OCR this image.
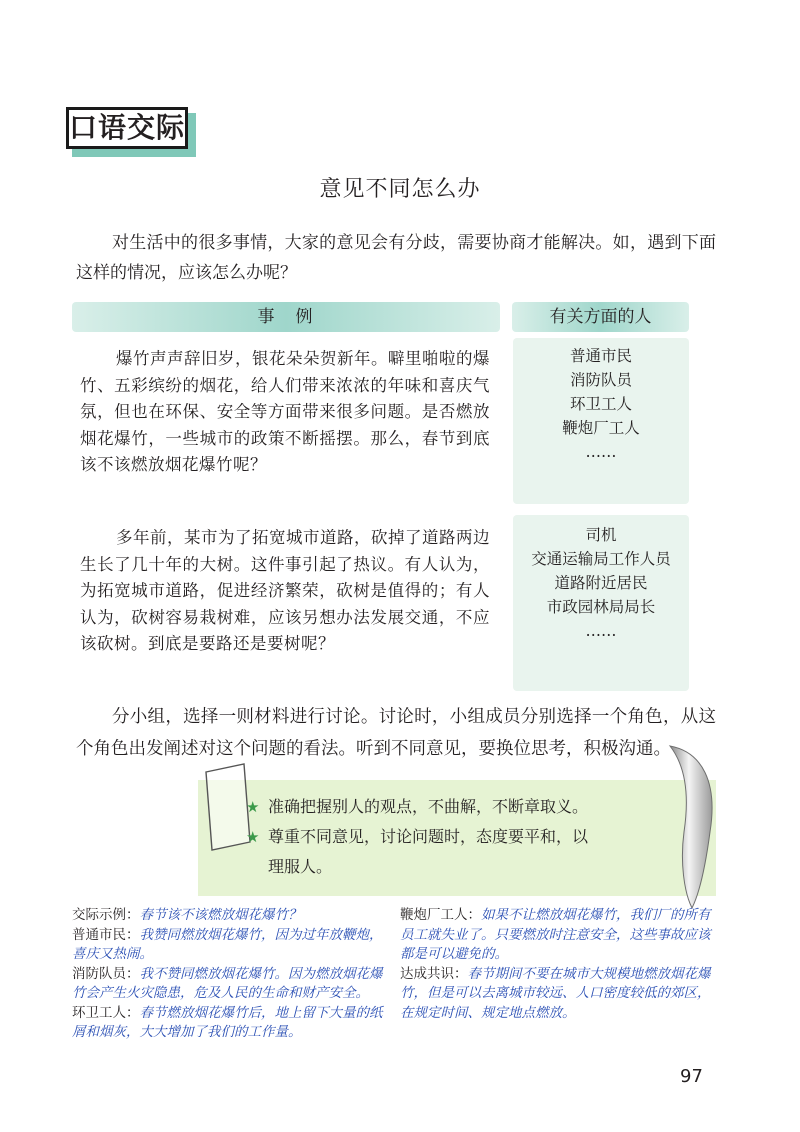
口语交际
意见不同怎么办
对生活中的很多事情，大家的意见会有分歧，需要协商才能解决。如，遇到下面这样的情况，应该怎么办呢？
事　例	有关方面的人
爆竹声声辞旧岁，银花朵朵贺新年。噼里啪啦的爆竹、五彩缤纷的烟花，给人们带来浓浓的年味和喜庆气氛，但也在环保、安全等方面带来很多问题。是否燃放烟花爆竹，一些城市的政策不断摇摆。那么，春节到底该不该燃放烟花爆竹呢？
普通市民
消防队员
环卫工人
鞭炮厂工人
……
多年前，某市为了拓宽城市道路，砍掉了道路两边生长了几十年的大树。这件事引起了热议。有人认为，为拓宽城市道路，促进经济繁荣，砍树是值得的；有人认为，砍树容易栽树难，应该另想办法发展交通，不应该砍树。到底是要路还是要树呢？
司机
交通运输局工作人员
道路附近居民
市政园林局局长
……
分小组，选择一则材料进行讨论。讨论时，小组成员分别选择一个角色，从这个角色出发阐述对这个问题的看法。听到不同意见，要换位思考，积极沟通。
★ 准确把握别人的观点，不曲解，不断章取义。
★ 尊重不同意见，讨论问题时，态度要平和，以
理服人。

交际示例：春节该不该燃放烟花爆竹？

普通市民：我赞同燃放烟花爆竹，因为过年放鞭炮，喜庆又热闹。

消防队员：我不赞同燃放烟花爆竹。因为燃放烟花爆竹会产生火灾隐患，危及人民的生命和财产安全。

环卫工人：春节燃放烟花爆竹后，地上留下大量的纸屑和烟灰，大大增加了我们的工作量。

鞭炮厂工人：如果不让燃放烟花爆竹，我们厂的所有员工就失业了。只要燃放时注意安全，这些事故应该都是可以避免的。

达成共识：春节期间不要在城市大规模地燃放烟花爆竹，但是可以去离城市较远、人口密度较低的郊区，在规定时间、规定地点燃放。

97
